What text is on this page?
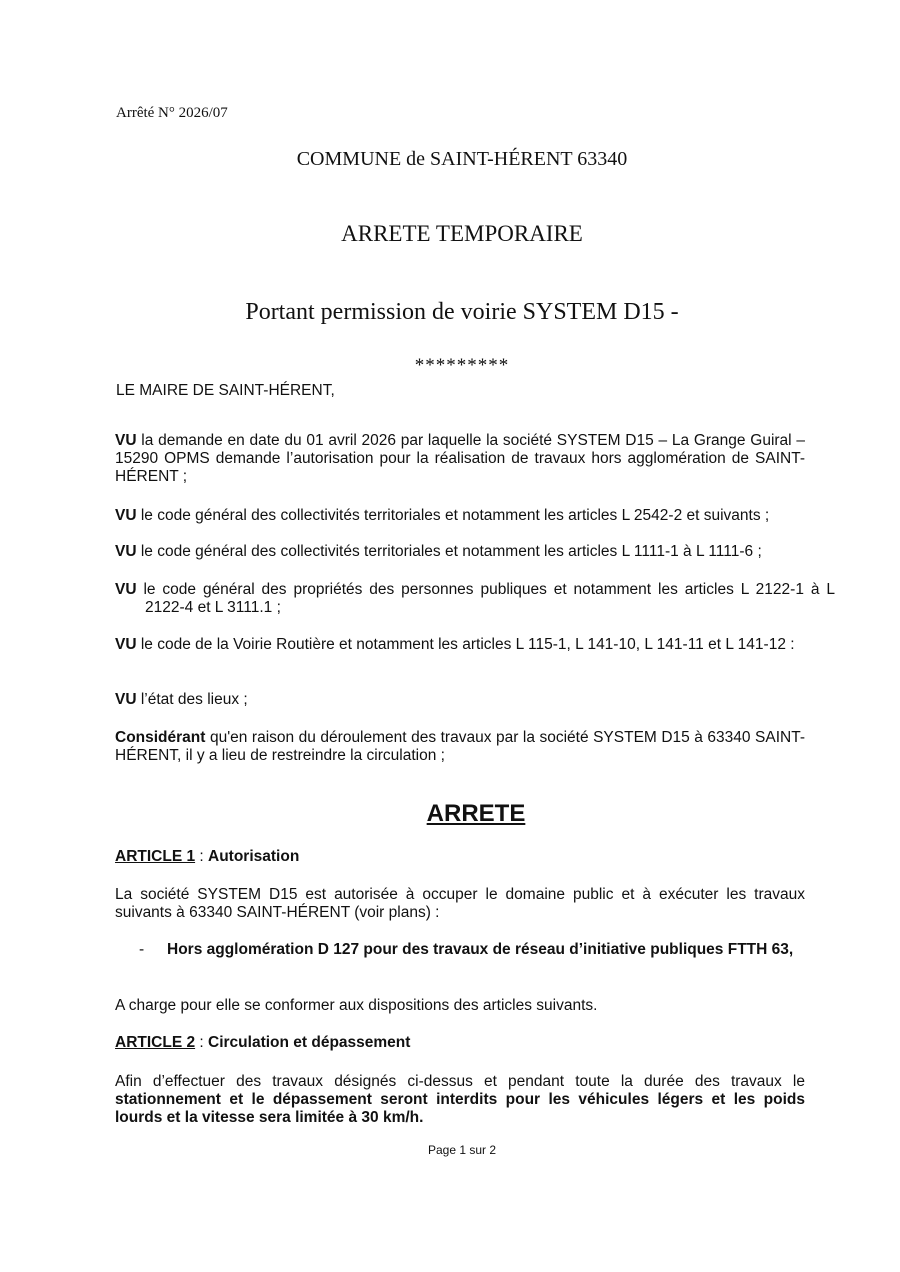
Arrêté N° 2026/07
COMMUNE de SAINT-HÉRENT 63340
ARRETE TEMPORAIRE
Portant permission de voirie SYSTEM D15 -
*********
LE MAIRE DE SAINT-HÉRENT,
VU la demande en date du 01 avril 2026 par laquelle la société SYSTEM D15 – La Grange Guiral – 15290 OPMS demande l’autorisation pour la réalisation de travaux hors agglomération de SAINT-HÉRENT ;
VU le code général des collectivités territoriales et notamment les articles L 2542-2 et suivants ;
VU le code général des collectivités territoriales et notamment les articles L 1111-1 à L 1111-6 ;
VU le code général des propriétés des personnes publiques et notamment les articles L 2122-1 à L 2122-4 et L 3111.1 ;
VU le code de la Voirie Routière et notamment les articles L 115-1, L 141-10, L 141-11 et L 141-12 :
VU l’état des lieux ;
Considérant qu'en raison du déroulement des travaux par la société SYSTEM D15 à 63340 SAINT-HÉRENT, il y a lieu de restreindre la circulation ;
ARRETE
ARTICLE 1 : Autorisation
La société SYSTEM D15 est autorisée à occuper le domaine public et à exécuter les travaux suivants à 63340 SAINT-HÉRENT (voir plans) :
- Hors agglomération D 127 pour des travaux de réseau d’initiative publiques FTTH 63,
A charge pour elle se conformer aux dispositions des articles suivants.
ARTICLE 2 : Circulation et dépassement
Afin d’effectuer des travaux désignés ci-dessus et pendant toute la durée des travaux le stationnement et le dépassement seront interdits pour les véhicules légers et les poids lourds et la vitesse sera limitée à 30 km/h.
Page 1 sur 2
